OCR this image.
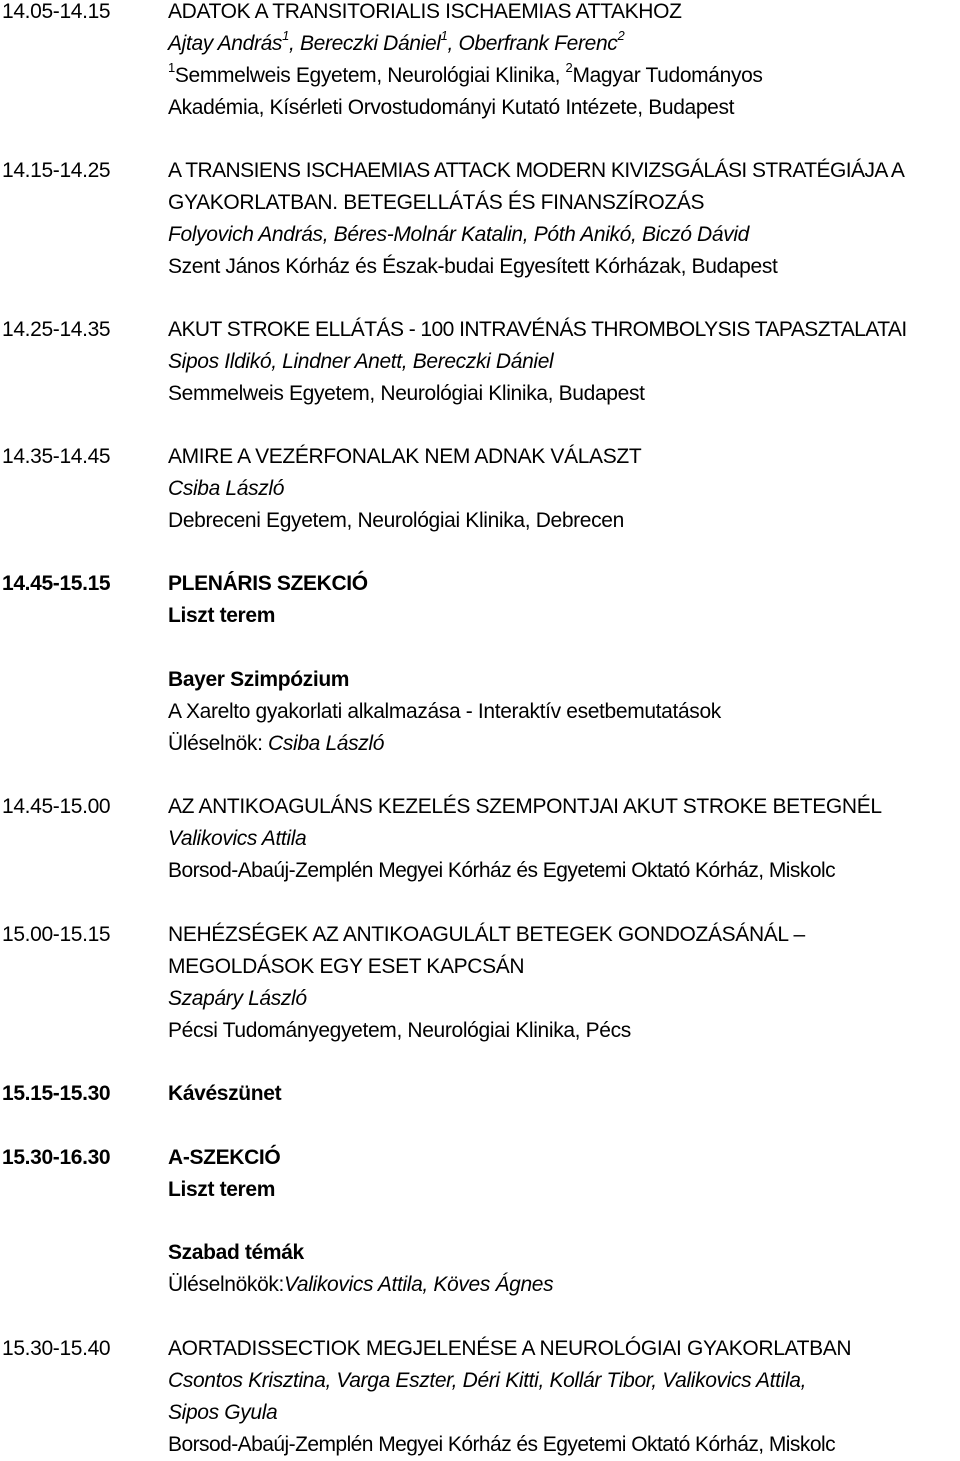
14.05-14.15	ADATOK A TRANSITORIALIS ISCHAEMIAS ATTAKHOZ
Ajtay András$^1$, Bereczki Dániel$^1$, Oberfrank Ferenc$^2$
$^1$Semmelweis Egyetem, Neurológiai Klinika, $^2$Magyar Tudományos
Akadémia, Kísérleti Orvostudományi Kutató Intézete, Budapest
14.15-14.25	A TRANSIENS ISCHAEMIAS ATTACK MODERN KIVIZSGÁLÁSI STRATÉGIÁJA A
GYAKORLATBAN. BETEGELLÁTÁS ÉS FINANSZÍROZÁS
Folyovich András, Béres-Molnár Katalin, Póth Anikó, Biczó Dávid
Szent János Kórház és Észak-budai Egyesített Kórházak, Budapest
14.25-14.35	AKUT STROKE ELLÁTÁS - 100 INTRAVÉNÁS THROMBOLYSIS TAPASZTALATAI
Sipos Ildikó, Lindner Anett, Bereczki Dániel
Semmelweis Egyetem, Neurológiai Klinika, Budapest
14.35-14.45	AMIRE A VEZÉRFONALAK NEM ADNAK VÁLASZT
Csiba László
Debreceni Egyetem, Neurológiai Klinika, Debrecen
14.45-15.15	PLENÁRIS SZEKCIÓ
Liszt terem
Bayer Szimpózium
A Xarelto gyakorlati alkalmazása - Interaktív esetbemutatások
Üléselnök: Csiba László
14.45-15.00	AZ ANTIKOAGULÁNS KEZELÉS SZEMPONTJAI AKUT STROKE BETEGNÉL
Valikovics Attila
Borsod-Abaúj-Zemplén Megyei Kórház és Egyetemi Oktató Kórház, Miskolc
15.00-15.15	NEHÉZSÉGEK AZ ANTIKOAGULÁLT BETEGEK GONDOZÁSÁNÁL –
MEGOLDÁSOK EGY ESET KAPCSÁN
Szapáry László
Pécsi Tudományegyetem, Neurológiai Klinika, Pécs
15.15-15.30	Kávészünet
15.30-16.30	A-SZEKCIÓ
Liszt terem
Szabad témák
Üléselnökök:Valikovics Attila, Köves Ágnes
15.30-15.40	AORTADISSECTIOK MEGJELENÉSE A NEUROLÓGIAI GYAKORLATBAN
Csontos Krisztina, Varga Eszter, Déri Kitti, Kollár Tibor, Valikovics Attila,
Sipos Gyula
Borsod-Abaúj-Zemplén Megyei Kórház és Egyetemi Oktató Kórház, Miskolc
